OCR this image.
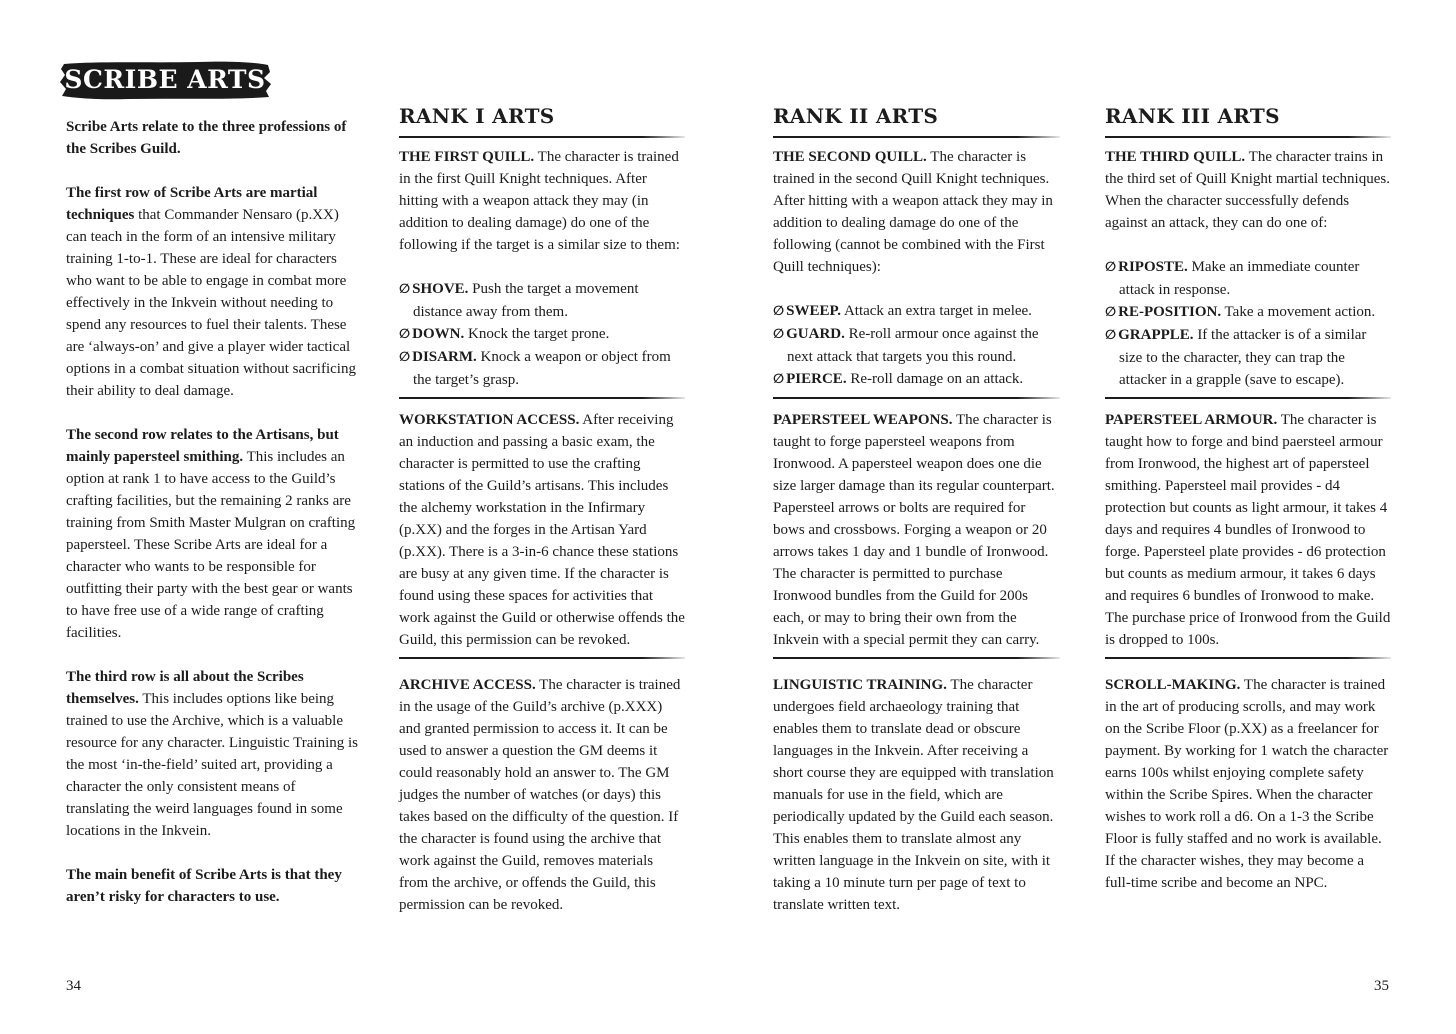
SCRIBE ARTS

Scribe Arts relate to the three professions of the Scribes Guild.

The first row of Scribe Arts are martial techniques that Commander Nensaro (p.XX) can teach in the form of an intensive military training 1-to-1. These are ideal for characters who want to be able to engage in combat more effectively in the Inkvein without needing to spend any resources to fuel their talents. These are ‘always-on’ and give a player wider tactical options in a combat situation without sacrificing their ability to deal damage.

The second row relates to the Artisans, but mainly papersteel smithing. This includes an option at rank 1 to have access to the Guild’s crafting facilities, but the remaining 2 ranks are training from Smith Master Mulgran on crafting papersteel. These Scribe Arts are ideal for a character who wants to be responsible for outfitting their party with the best gear or wants to have free use of a wide range of crafting facilities.

The third row is all about the Scribes themselves. This includes options like being trained to use the Archive, which is a valuable resource for any character. Linguistic Training is the most ‘in-the-field’ suited art, providing a character the only consistent means of translating the weird languages found in some locations in the Inkvein.

The main benefit of Scribe Arts is that they aren’t risky for characters to use.

RANK I ARTS
THE FIRST QUILL. The character is trained in the first Quill Knight techniques. After hitting with a weapon attack they may (in addition to dealing damage) do one of the following if the target is a similar size to them:
∅ SHOVE. Push the target a movement distance away from them.
∅ DOWN. Knock the target prone.
∅ DISARM. Knock a weapon or object from the target’s grasp.
WORKSTATION ACCESS. After receiving an induction and passing a basic exam, the character is permitted to use the crafting stations of the Guild’s artisans. This includes the alchemy workstation in the Infirmary (p.XX) and the forges in the Artisan Yard (p.XX). There is a 3-in-6 chance these stations are busy at any given time. If the character is found using these spaces for activities that work against the Guild or otherwise offends the Guild, this permission can be revoked.
ARCHIVE ACCESS. The character is trained in the usage of the Guild’s archive (p.XXX) and granted permission to access it. It can be used to answer a question the GM deems it could reasonably hold an answer to. The GM judges the number of watches (or days) this takes based on the difficulty of the question. If the character is found using the archive that work against the Guild, removes materials from the archive, or offends the Guild, this permission can be revoked.
RANK II ARTS
THE SECOND QUILL. The character is trained in the second Quill Knight techniques. After hitting with a weapon attack they may in addition to dealing damage do one of the following (cannot be combined with the First Quill techniques):
∅ SWEEP. Attack an extra target in melee.
∅ GUARD. Re-roll armour once against the next attack that targets you this round.
∅ PIERCE. Re-roll damage on an attack.
PAPERSTEEL WEAPONS. The character is taught to forge papersteel weapons from Ironwood. A papersteel weapon does one die size larger damage than its regular counterpart. Papersteel arrows or bolts are required for bows and crossbows. Forging a weapon or 20 arrows takes 1 day and 1 bundle of Ironwood. The character is permitted to purchase Ironwood bundles from the Guild for 200s each, or may to bring their own from the Inkvein with a special permit they can carry.
LINGUISTIC TRAINING. The character undergoes field archaeology training that enables them to translate dead or obscure languages in the Inkvein. After receiving a short course they are equipped with translation manuals for use in the field, which are periodically updated by the Guild each season. This enables them to translate almost any written language in the Inkvein on site, with it taking a 10 minute turn per page of text to translate written text.
RANK III ARTS
THE THIRD QUILL. The character trains in the third set of Quill Knight martial techniques. When the character successfully defends against an attack, they can do one of:
∅ RIPOSTE. Make an immediate counter attack in response.
∅ RE-POSITION. Take a movement action.
∅ GRAPPLE. If the attacker is of a similar size to the character, they can trap the attacker in a grapple (save to escape).
PAPERSTEEL ARMOUR. The character is taught how to forge and bind paersteel armour from Ironwood, the highest art of papersteel smithing. Papersteel mail provides - d4 protection but counts as light armour, it takes 4 days and requires 4 bundles of Ironwood to forge. Papersteel plate provides - d6 protection but counts as medium armour, it takes 6 days and requires 6 bundles of Ironwood to make. The purchase price of Ironwood from the Guild is dropped to 100s.
SCROLL-MAKING. The character is trained in the art of producing scrolls, and may work on the Scribe Floor (p.XX) as a freelancer for payment. By working for 1 watch the character earns 100s whilst enjoying complete safety within the Scribe Spires. When the character wishes to work roll a d6. On a 1-3 the Scribe Floor is fully staffed and no work is available. If the character wishes, they may become a full-time scribe and become an NPC.
34	35
